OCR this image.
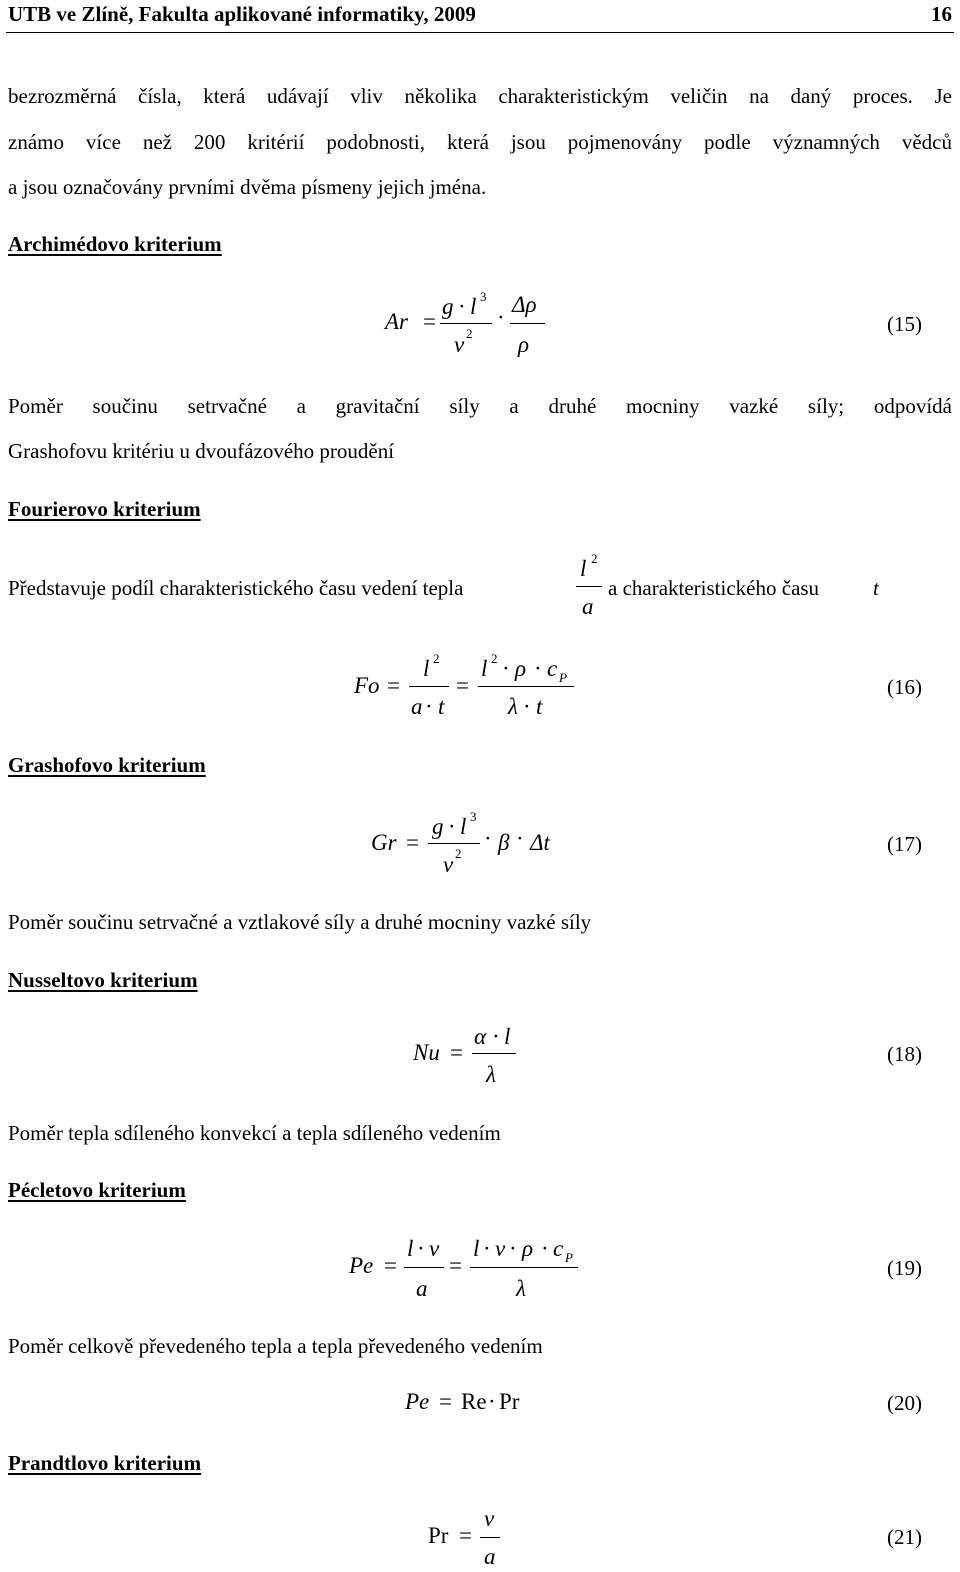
UTB ve Zlíně, Fakulta aplikované informatiky, 2009	16
bezrozměrná čísla, která udávají vliv několika charakteristickým veličin na daný proces. Je
známo více než 200 kritérií podobnosti, která jsou pojmenovány podle významných vědců
a jsou označovány prvními dvěma písmeny jejich jména.
Archimédovo kriterium
Ar =
g · l 3
v 2
·
Δρ
ρ
(15)
Poměr součinu setrvačné a gravitační síly a druhé mocniny vazké síly; odpovídá
Grashofovu kritériu u dvoufázového proudění
Fourierovo kriterium
Představuje podíl charakteristického času vedení tepla
l 2
a
a charakteristického času	t
Fo =
l 2
a · t
=
l 2 · ρ · c P
λ · t
(16)
Grashofovo kriterium
Gr =
g · l 3
v 2
· β · Δt	(17)
Poměr součinu setrvačné a vztlakové síly a druhé mocniny vazké síly
Nusseltovo kriterium
Nu =
α · l
λ
(18)
Poměr tepla sdíleného konvekcí a tepla sdíleného vedením
Pécletovo kriterium
Pe =
l · v
a
=
l · v · ρ · c P
λ
(19)
Poměr celkově převedeného tepla a tepla převedeného vedením
Pe = Re · Pr	(20)
Prandtlovo kriterium
Pr =
v
a
(21)
